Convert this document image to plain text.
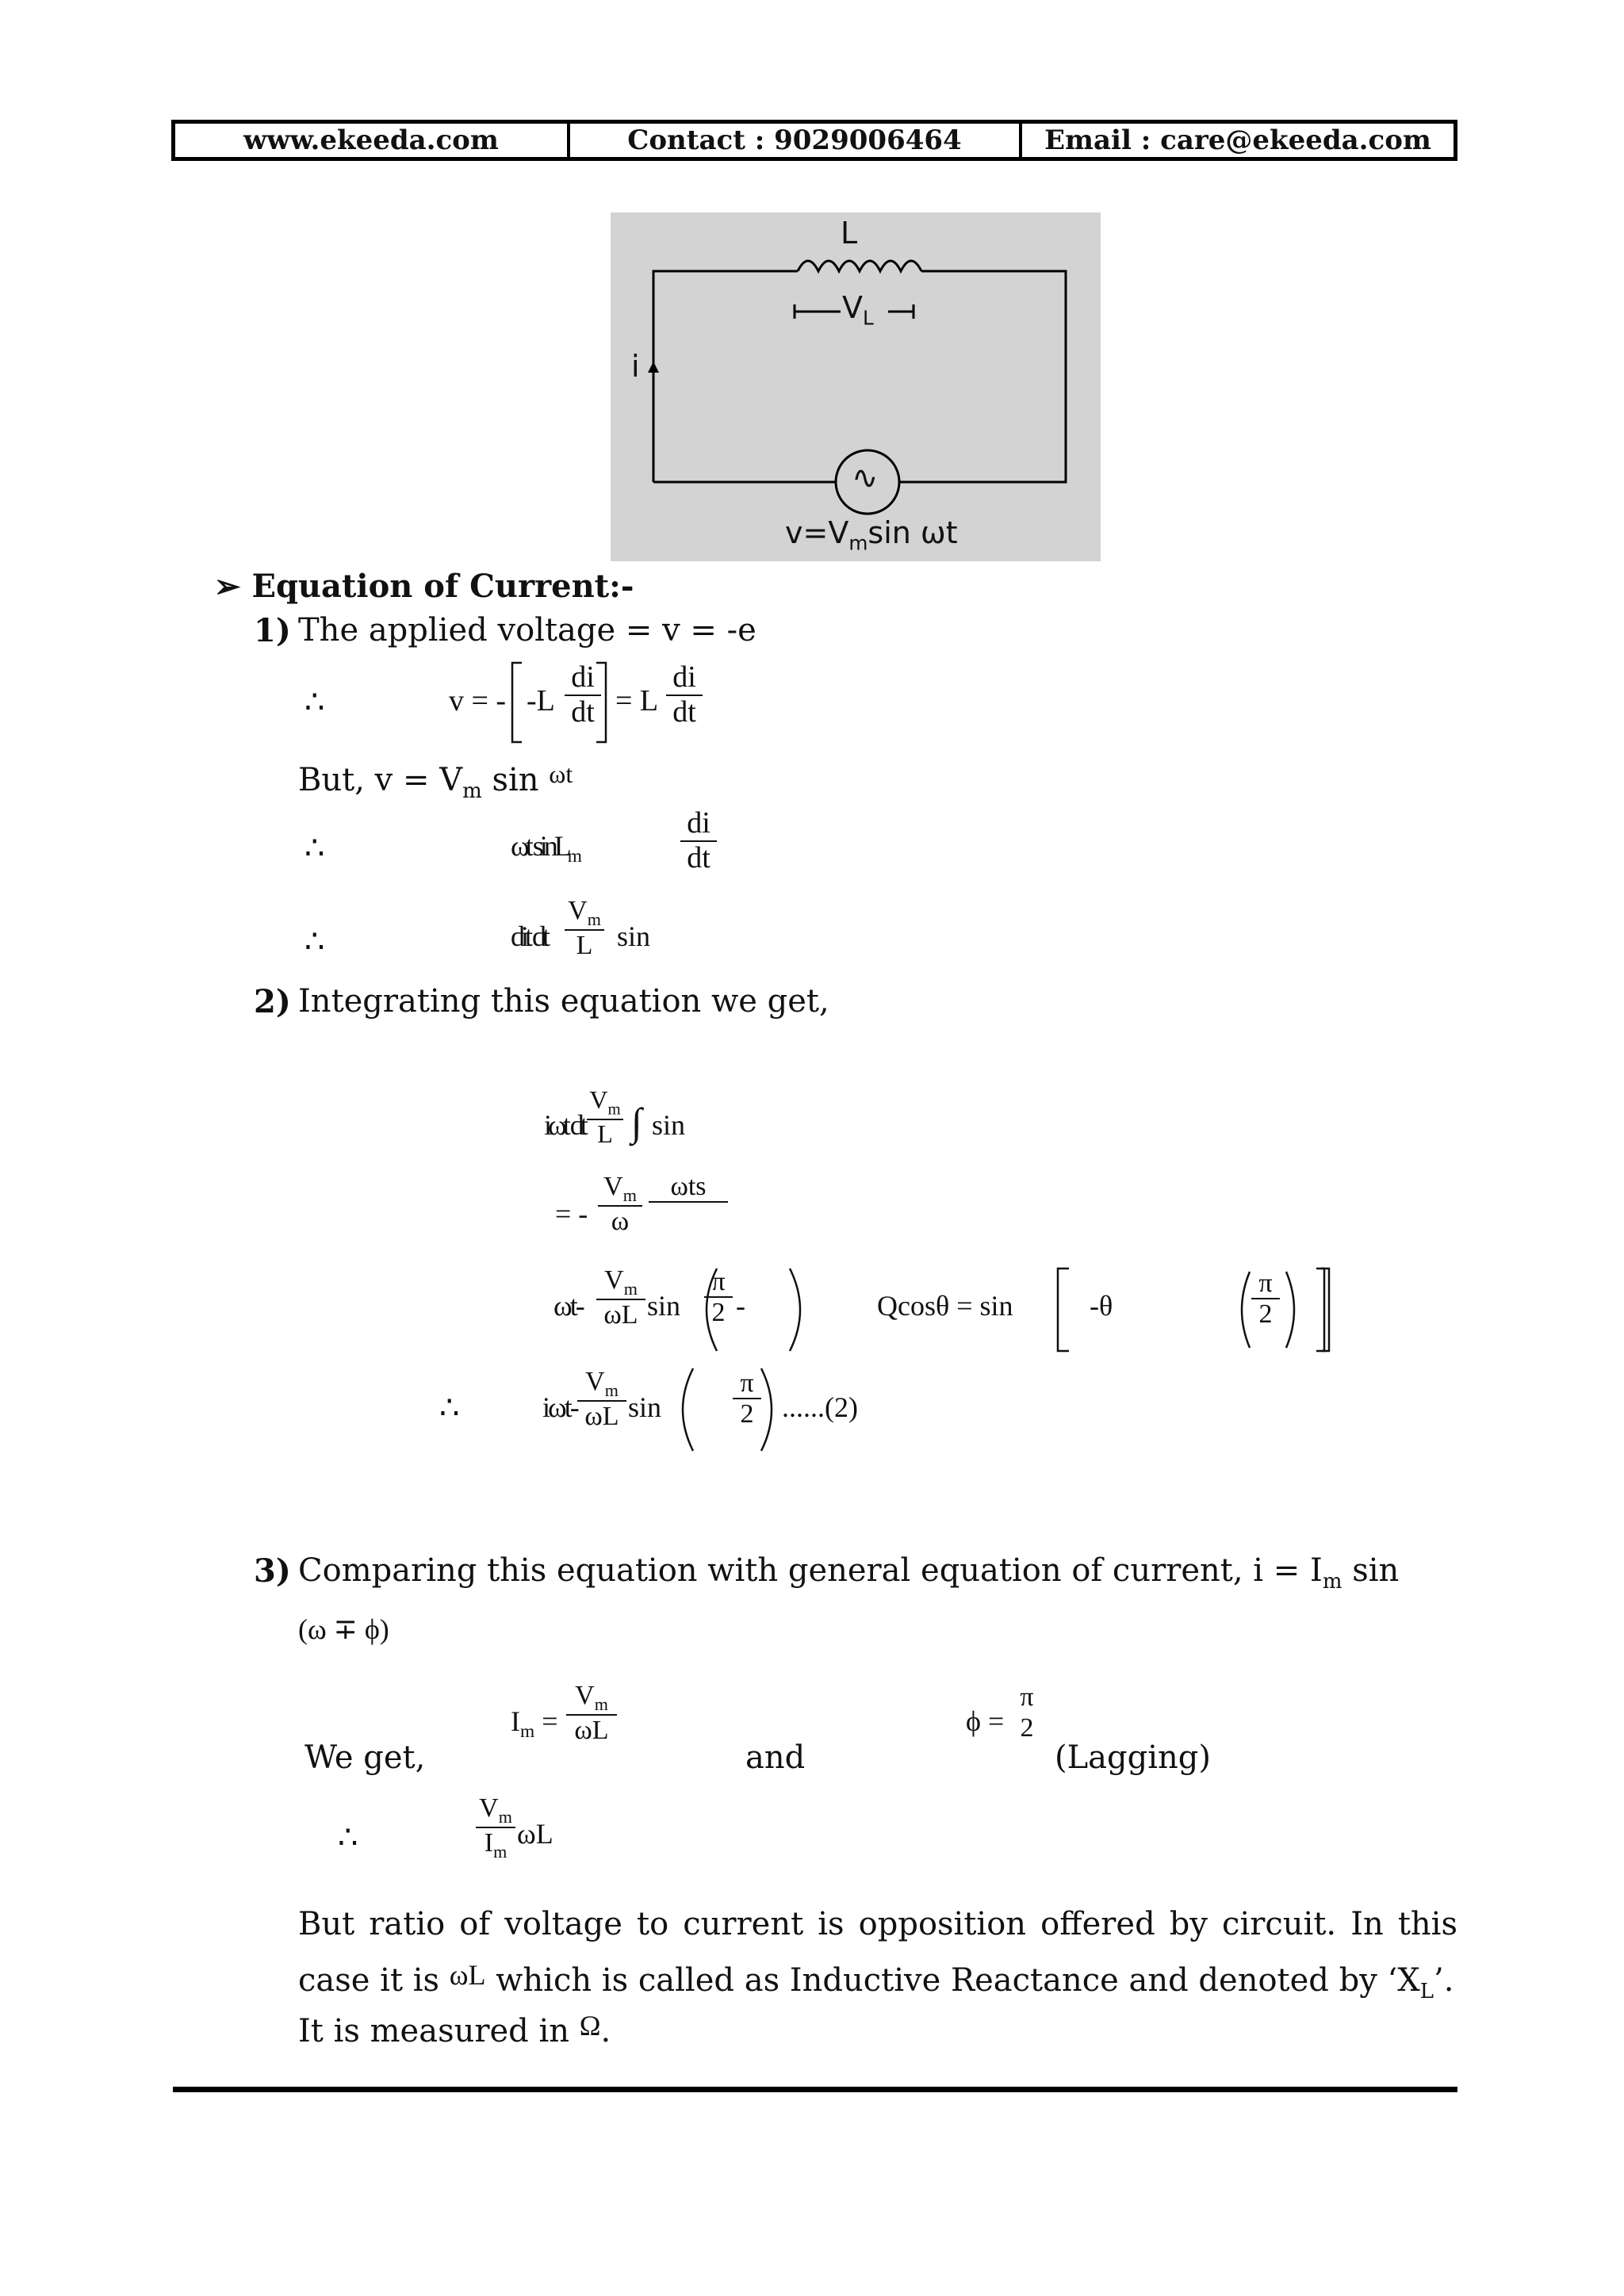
www.ekeeda.com	Contact : 9029006464	Email : care@ekeeda.com
L
$V_L$
i
∿
$v=V_m\sin$ ωt
➢ Equation of Current:-
1) The applied voltage = v = -e
∴	v = - -L
di
dt = L
di
dt
But, $v = V_m$ sin $^{\omega t}$
∴	ωt sinL$_m$
di
dt
∴	dit dt
$V_m$
L sin
2) Integrating this equation we get,
iωt dt
$V_m$
L ∫ sin
= -
$V_m$
ω
ωts

ωt-
$V_m$
ωL sin
π
2 -	Qcosθ = sin	-θ
π
2
∴	iωt-
$V_m$
ωL sin
π
2 ......(2)
3) Comparing this equation with general equation of current, $i = I_m$ sin
(ω ∓ ϕ)
We get,
$I_m$ =
$V_m$
ωL
and
ϕ =
π
2
(Lagging)
∴
$V_m$
$I_m$
ωL
But ratio of voltage to current is opposition offered by circuit. In this
case it is ωL which is called as Inductive Reactance and denoted by ‘$X_L$’.
It is measured in Ω.
